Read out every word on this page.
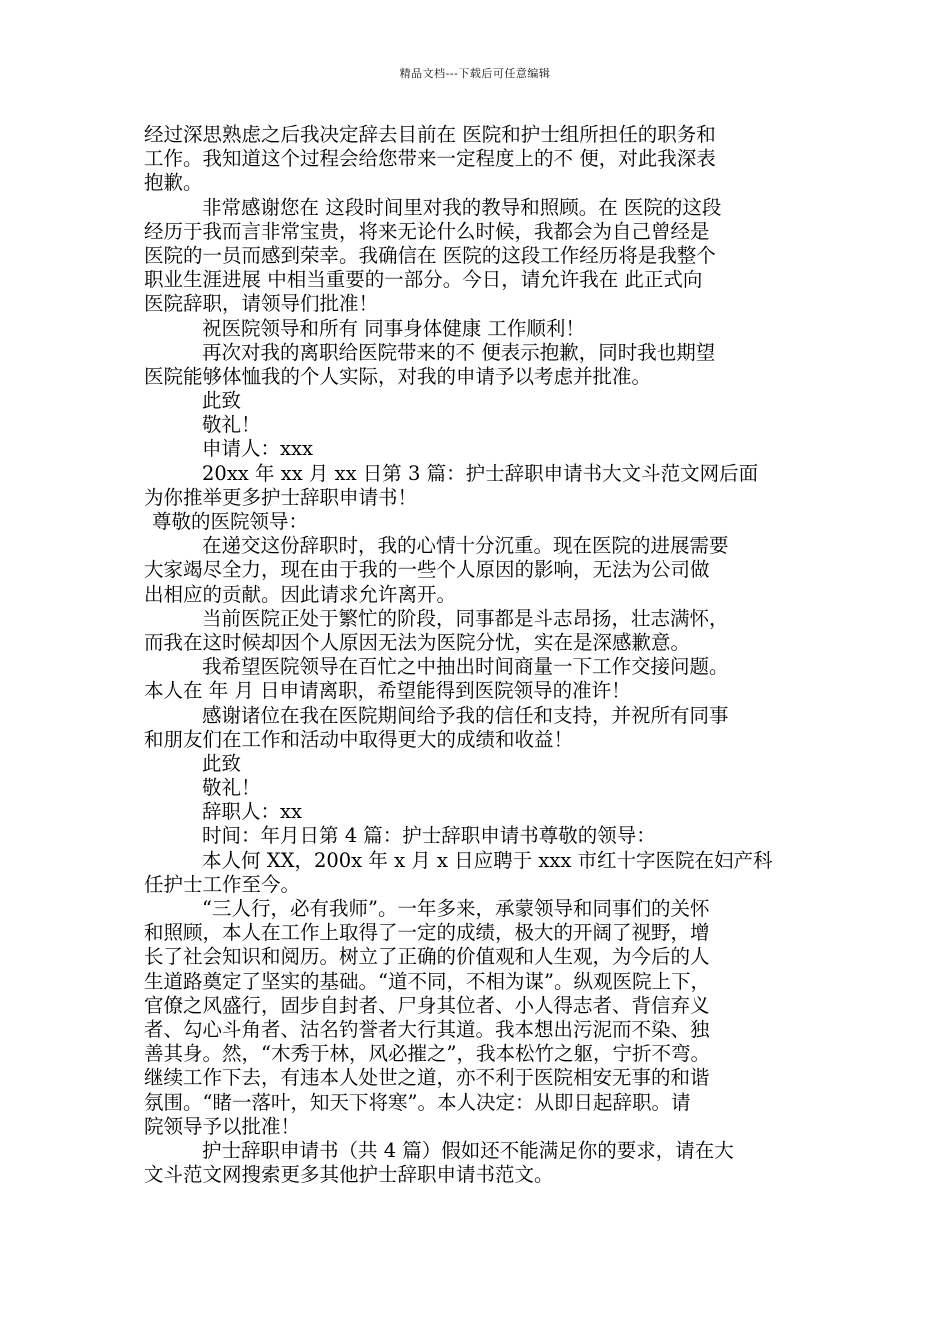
精品文档---下载后可任意编辑
经过深思熟虑之后我决定辞去目前在 医院和护士组所担任的职务和
工作。我知道这个过程会给您带来一定程度上的不 便，对此我深表
抱歉。
非常感谢您在 这段时间里对我的教导和照顾。在 医院的这段
经历于我而言非常宝贵，将来无论什么时候，我都会为自己曾经是
医院的一员而感到荣幸。我确信在 医院的这段工作经历将是我整个
职业生涯进展 中相当重要的一部分。今日，请允许我在 此正式向
医院辞职，请领导们批准！
祝医院领导和所有 同事身体健康 工作顺利！
再次对我的离职给医院带来的不 便表示抱歉，同时我也期望
医院能够体恤我的个人实际，对我的申请予以考虑并批准。
此致
敬礼！
申请人：xxx
20xx 年 xx 月 xx 日第 3 篇：护士辞职申请书大文斗范文网后面
为你推举更多护士辞职申请书！
尊敬的医院领导：
在递交这份辞职时，我的心情十分沉重。现在医院的进展需要
大家竭尽全力，现在由于我的一些个人原因的影响，无法为公司做
出相应的贡献。因此请求允许离开。
当前医院正处于繁忙的阶段，同事都是斗志昂扬，壮志满怀，
而我在这时候却因个人原因无法为医院分忧，实在是深感歉意。
我希望医院领导在百忙之中抽出时间商量一下工作交接问题。
本人在 年 月 日申请离职，希望能得到医院领导的准许！
感谢诸位在我在医院期间给予我的信任和支持，并祝所有同事
和朋友们在工作和活动中取得更大的成绩和收益！
此致
敬礼！
辞职人：xx
时间：年月日第 4 篇：护士辞职申请书尊敬的领导：
本人何 XX，200x 年 x 月 x 日应聘于 xxx 市红十字医院在妇产科
任护士工作至今。
“三人行，必有我师”。一年多来，承蒙领导和同事们的关怀
和照顾，本人在工作上取得了一定的成绩，极大的开阔了视野，增
长了社会知识和阅历。树立了正确的价值观和人生观，为今后的人
生道路奠定了坚实的基础。“道不同，不相为谋”。纵观医院上下，
官僚之风盛行，固步自封者、尸身其位者、小人得志者、背信弃义
者、勾心斗角者、沽名钓誉者大行其道。我本想出污泥而不染、独
善其身。然，“木秀于林，风必摧之”，我本松竹之躯，宁折不弯。
继续工作下去，有违本人处世之道，亦不利于医院相安无事的和谐
氛围。“睹一落叶，知天下将寒”。本人决定：从即日起辞职。请
院领导予以批准！
护士辞职申请书（共 4 篇）假如还不能满足你的要求，请在大
文斗范文网搜索更多其他护士辞职申请书范文。
